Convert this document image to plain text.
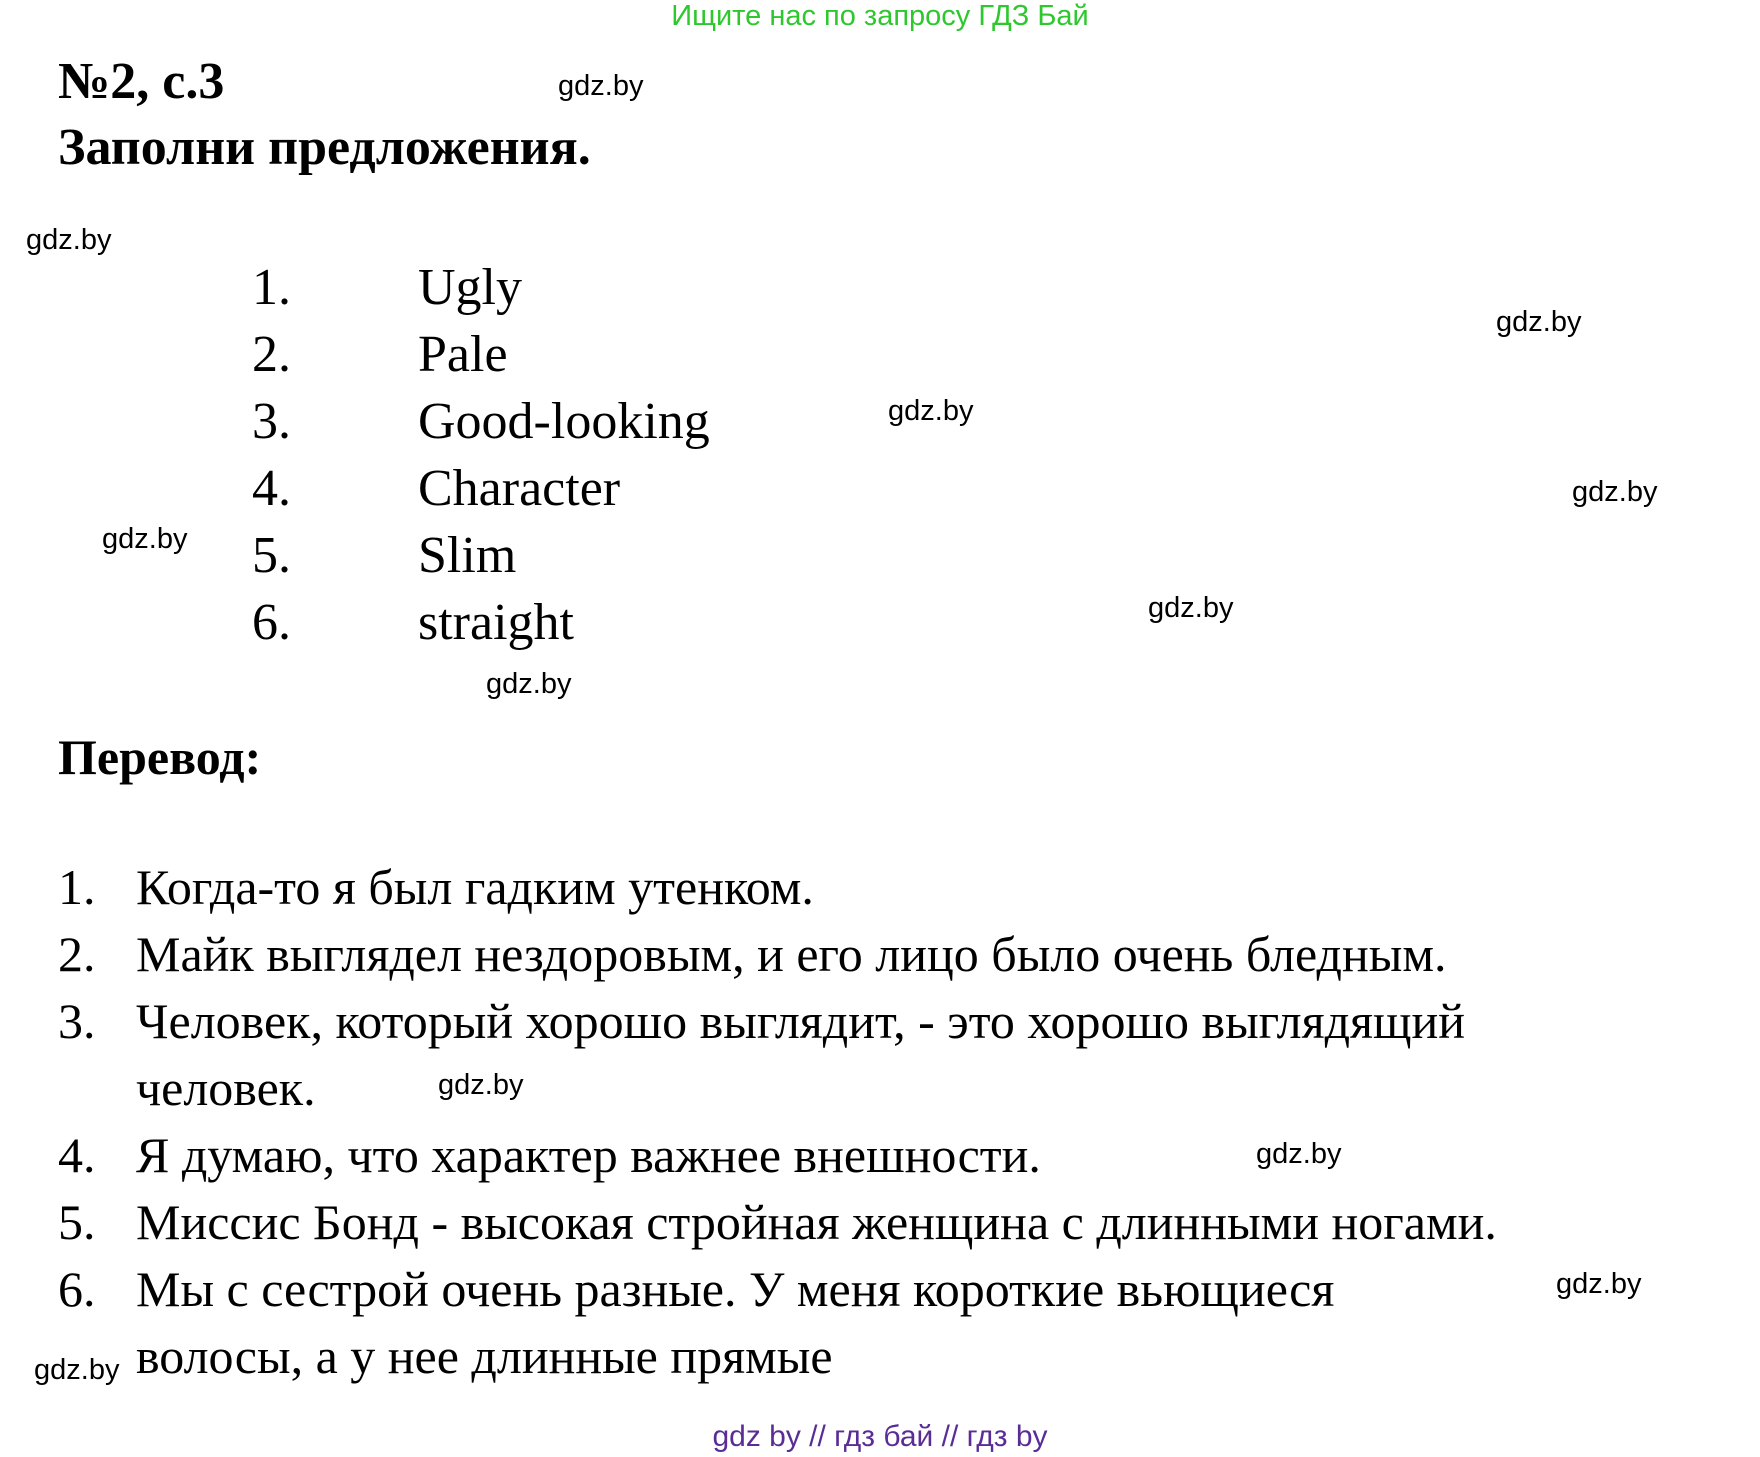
Ищите нас по запросу ГДЗ Бай
№2, с.3
Заполни предложения.
1. Ugly
2. Pale
3. Good-looking
4. Character
5. Slim
6. straight
Перевод:
1. Когда-то я был гадким утенком.
2. Майк выглядел нездоровым, и его лицо было очень бледным.
3. Человек, который хорошо выглядит, - это хорошо выглядящий
человек.
4. Я думаю, что характер важнее внешности.
5. Миссис Бонд - высокая стройная женщина с длинными ногами.
6. Мы с сестрой очень разные. У меня короткие вьющиеся
волосы, а у нее длинные прямые
gdz.by
gdz.by
gdz.by
gdz.by
gdz.by
gdz.by
gdz.by
gdz.by
gdz.by
gdz.by
gdz.by
gdz.by
gdz by // гдз бай // гдз by
